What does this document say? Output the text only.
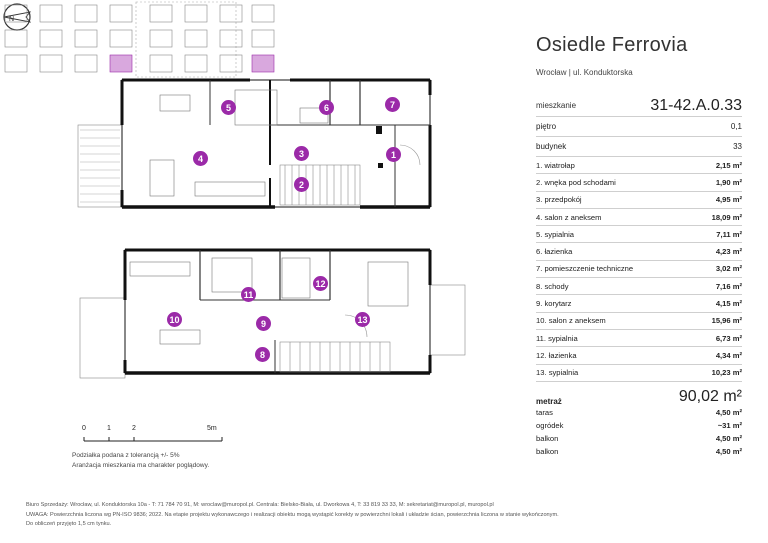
1
2
3
4
5	6	7
8
9
10
11
12
13
N
0	1	2	5m
Podziałka podana z tolerancją +/- 5%
Aranżacja mieszkania ma charakter poglądowy.
Osiedle Ferrovia
Wrocław | ul. Konduktorska
mieszkanie	31-42.A.0.33
piętro	0,1
budynek	33
1. wiatrołap	2,15 m²
2. wnęka pod schodami	1,90 m²
3. przedpokój	4,95 m²
4. salon z aneksem	18,09 m²
5. sypialnia	7,11 m²
6. łazienka	4,23 m²
7. pomieszczenie techniczne	3,02 m²
8. schody	7,16 m²
9. korytarz	4,15 m²
10. salon z aneksem	15,96 m²
11. sypialnia	6,73 m²
12. łazienka	4,34 m²
13. sypialnia	10,23 m²
metraż	90,02 m²
taras	4,50 m²
ogródek	~31 m²
balkon	4,50 m²
balkon	4,50 m²
Biuro Sprzedaży: Wrocław, ul. Konduktorska 10a - T: 71 784 70 91, M: wroclaw@muropol.pl. Centrala: Bielsko-Biała, ul. Dworkowa 4, T: 33 819 33 33, M: sekretariat@muropol.pl, muropol.pl
UWAGA: Powierzchnia liczona wg PN-ISO 9836; 2022. Na etapie projektu wykonawczego i realizacji obiektu mogą wystąpić korekty w powierzchni lokali i układzie ścian, powierzchnia liczona w stanie wykończonym.
Do obliczeń przyjęto 1,5 cm tynku.
